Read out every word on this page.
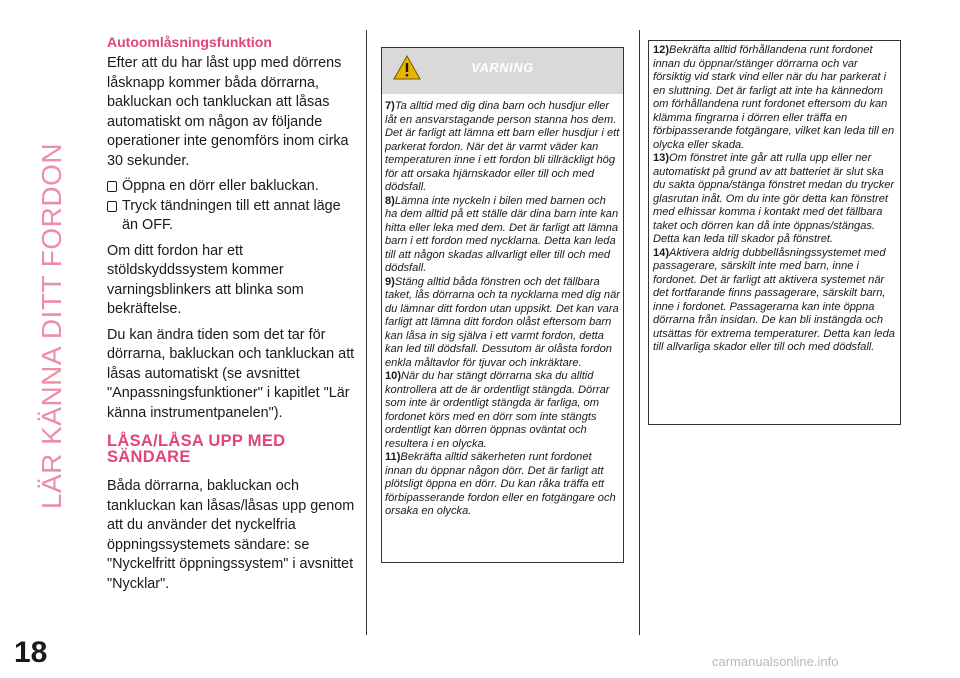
LÄR KÄNNA DITT FORDON
18	carmanualsonline.info
Autoomlåsningsfunktion

Efter att du har låst upp med dörrens låsknapp kommer båda dörrarna, bakluckan och tankluckan att låsas automatiskt om någon av följande operationer inte genomförs inom cirka 30 sekunder.

Öppna en dörr eller bakluckan.
Tryck tändningen till ett annat läge än OFF.

Om ditt fordon har ett stöldskyddssystem kommer varningsblinkers att blinka som bekräftelse.

Du kan ändra tiden som det tar för dörrarna, bakluckan och tankluckan att låsas automatiskt (se avsnittet "Anpassningsfunktioner" i kapitlet "Lär känna instrumentpanelen").

LÅSA/LÅSA UPP MED SÄNDARE

Båda dörrarna, bakluckan och tankluckan kan låsas/låsas upp genom att du använder det nyckelfria öppningssystemets sändare: se "Nyckelfritt öppningssystem" i avsnittet "Nycklar".

VARNING

7)Ta alltid med dig dina barn och husdjur eller låt en ansvarstagande person stanna hos dem. Det är farligt att lämna ett barn eller husdjur i ett parkerat fordon. När det är varmt väder kan temperaturen inne i ett fordon bli tillräckligt hög för att orsaka hjärnskador eller till och med dödsfall.

8)Lämna inte nyckeln i bilen med barnen och ha dem alltid på ett ställe där dina barn inte kan hitta eller leka med dem. Det är farligt att lämna barn i ett fordon med nycklarna. Detta kan leda till att någon skadas allvarligt eller till och med dödsfall.

9)Stäng alltid båda fönstren och det fällbara taket, lås dörrarna och ta nycklarna med dig när du lämnar ditt fordon utan uppsikt. Det kan vara farligt att lämna ditt fordon olåst eftersom barn kan låsa in sig själva i ett varmt fordon, detta kan led till dödsfall. Dessutom är olåsta fordon enkla måltavlor för tjuvar och inkräktare.

10)När du har stängt dörrarna ska du alltid kontrollera att de är ordentligt stängda. Dörrar som inte är ordentligt stängda är farliga, om fordonet körs med en dörr som inte stängts ordentligt kan dörren öppnas oväntat och resultera i en olycka.

11)Bekräfta alltid säkerheten runt fordonet innan du öppnar någon dörr. Det är farligt att plötsligt öppna en dörr. Du kan råka träffa ett förbipasserande fordon eller en fotgängare och orsaka en olycka.

12)Bekräfta alltid förhållandena runt fordonet innan du öppnar/stänger dörrarna och var försiktig vid stark vind eller när du har parkerat i en sluttning. Det är farligt att inte ha kännedom om förhållandena runt fordonet eftersom du kan klämma fingrarna i dörren eller träffa en förbipasserande fotgängare, vilket kan leda till en olycka eller skada.

13)Om fönstret inte går att rulla upp eller ner automatiskt på grund av att batteriet är slut ska du sakta öppna/stänga fönstret medan du trycker glasrutan inåt. Om du inte gör detta kan fönstret med elhissar komma i kontakt med det fällbara taket och dörren kan då inte öppnas/stängas. Detta kan leda till skador på fönstret.

14)Aktivera aldrig dubbellåsningssystemet med passagerare, särskilt inte med barn, inne i fordonet. Det är farligt att aktivera systemet när det fortfarande finns passagerare, särskilt barn, inne i fordonet. Passagerarna kan inte öppna dörrarna från insidan. De kan bli instängda och utsättas för extrema temperaturer. Detta kan leda till allvarliga skador eller till och med dödsfall.
